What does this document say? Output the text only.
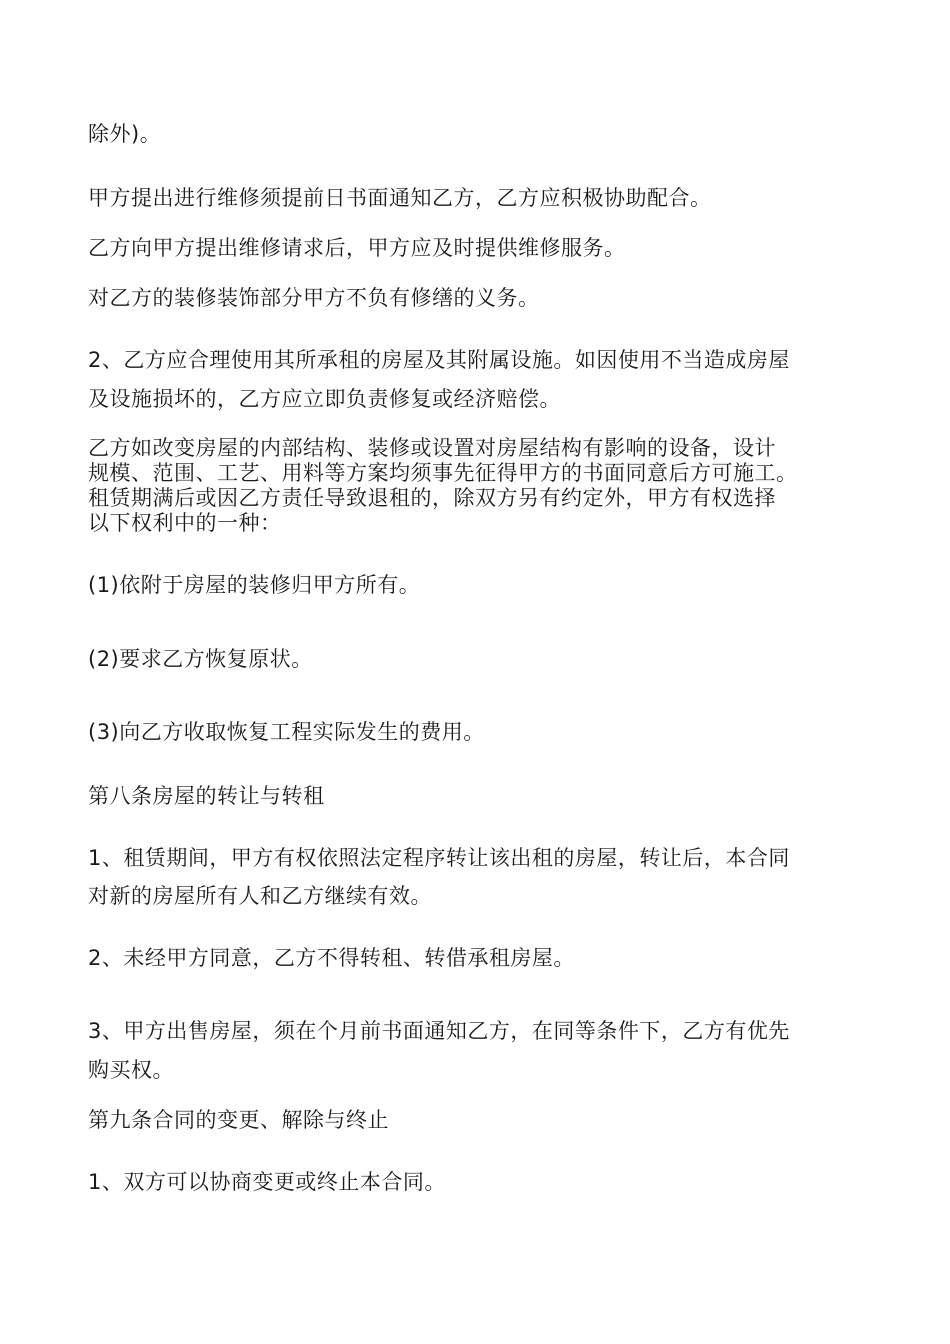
除外)。
甲方提出进行维修须提前日书面通知乙方，乙方应积极协助配合。
乙方向甲方提出维修请求后，甲方应及时提供维修服务。
对乙方的装修装饰部分甲方不负有修缮的义务。
2、乙方应合理使用其所承租的房屋及其附属设施。如因使用不当造成房屋
及设施损坏的，乙方应立即负责修复或经济赔偿。
乙方如改变房屋的内部结构、装修或设置对房屋结构有影响的设备，设计
规模、范围、工艺、用料等方案均须事先征得甲方的书面同意后方可施工。
租赁期满后或因乙方责任导致退租的，除双方另有约定外，甲方有权选择
以下权利中的一种：
(1)依附于房屋的装修归甲方所有。
(2)要求乙方恢复原状。
(3)向乙方收取恢复工程实际发生的费用。
第八条房屋的转让与转租
1、租赁期间，甲方有权依照法定程序转让该出租的房屋，转让后，本合同
对新的房屋所有人和乙方继续有效。
2、未经甲方同意，乙方不得转租、转借承租房屋。
3、甲方出售房屋，须在个月前书面通知乙方，在同等条件下，乙方有优先
购买权。
第九条合同的变更、解除与终止
1、双方可以协商变更或终止本合同。
